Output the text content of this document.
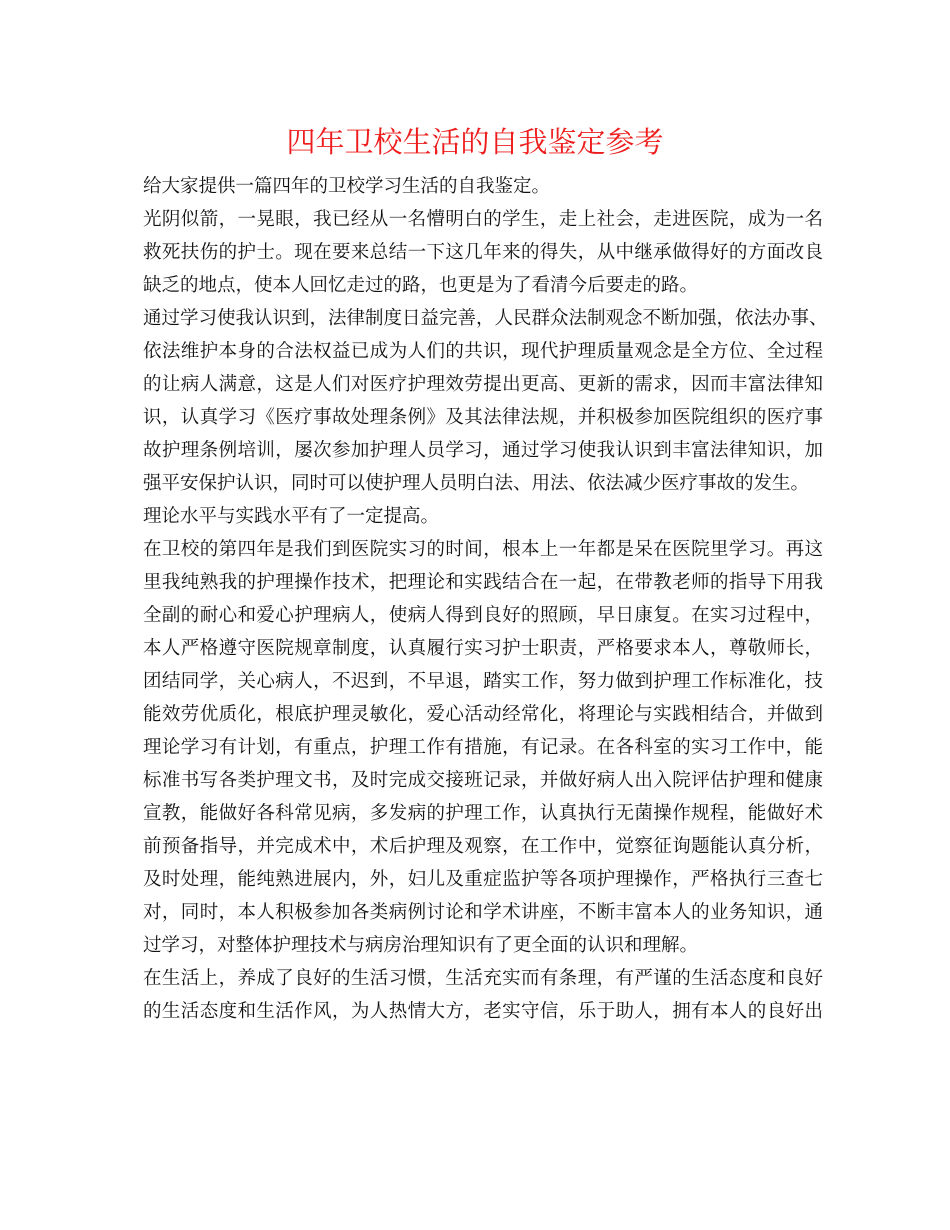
四年卫校生活的自我鉴定参考
给大家提供一篇四年的卫校学习生活的自我鉴定。
光阴似箭，一晃眼，我已经从一名懵明白的学生，走上社会，走进医院，成为一名
救死扶伤的护士。现在要来总结一下这几年来的得失，从中继承做得好的方面改良
缺乏的地点，使本人回忆走过的路，也更是为了看清今后要走的路。
通过学习使我认识到，法律制度日益完善，人民群众法制观念不断加强，依法办事、
依法维护本身的合法权益已成为人们的共识，现代护理质量观念是全方位、全过程
的让病人满意，这是人们对医疗护理效劳提出更高、更新的需求，因而丰富法律知
识，认真学习《医疗事故处理条例》及其法律法规，并积极参加医院组织的医疗事
故护理条例培训，屡次参加护理人员学习，通过学习使我认识到丰富法律知识，加
强平安保护认识，同时可以使护理人员明白法、用法、依法减少医疗事故的发生。
理论水平与实践水平有了一定提高。
在卫校的第四年是我们到医院实习的时间，根本上一年都是呆在医院里学习。再这
里我纯熟我的护理操作技术，把理论和实践结合在一起，在带教老师的指导下用我
全副的耐心和爱心护理病人，使病人得到良好的照顾，早日康复。在实习过程中，
本人严格遵守医院规章制度，认真履行实习护士职责，严格要求本人，尊敬师长，
团结同学，关心病人，不迟到，不早退，踏实工作，努力做到护理工作标准化，技
能效劳优质化，根底护理灵敏化，爱心活动经常化，将理论与实践相结合，并做到
理论学习有计划，有重点，护理工作有措施，有记录。在各科室的实习工作中，能
标准书写各类护理文书，及时完成交接班记录，并做好病人出入院评估护理和健康
宣教，能做好各科常见病，多发病的护理工作，认真执行无菌操作规程，能做好术
前预备指导，并完成术中，术后护理及观察，在工作中，觉察征询题能认真分析，
及时处理，能纯熟进展内，外，妇儿及重症监护等各项护理操作，严格执行三查七
对，同时，本人积极参加各类病例讨论和学术讲座，不断丰富本人的业务知识，通
过学习，对整体护理技术与病房治理知识有了更全面的认识和理解。
在生活上，养成了良好的生活习惯，生活充实而有条理，有严谨的生活态度和良好
的生活态度和生活作风，为人热情大方，老实守信，乐于助人，拥有本人的良好出
